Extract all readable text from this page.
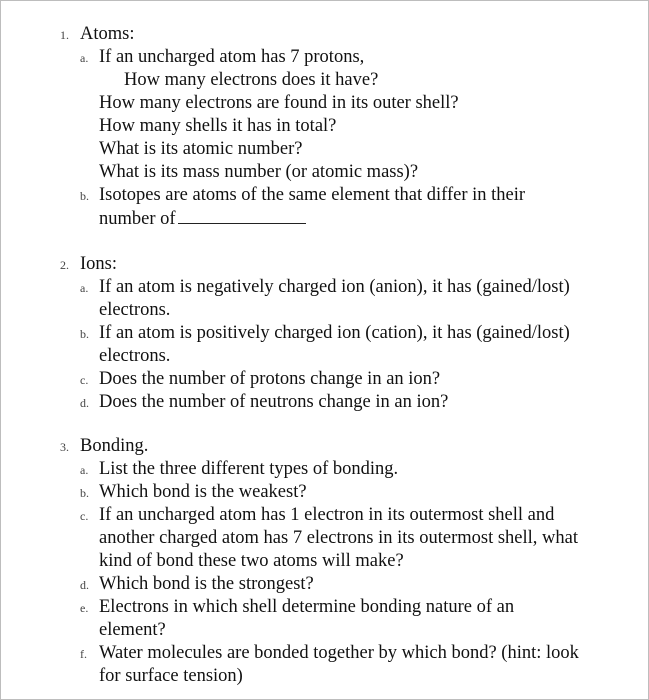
1. Atoms:
a. If an uncharged atom has 7 protons,
How many electrons does it have?
How many electrons are found in its outer shell?
How many shells it has in total?
What is its atomic number?
What is its mass number (or atomic mass)?
b. Isotopes are atoms of the same element that differ in their
number of
2. Ions:
a. If an atom is negatively charged ion (anion), it has (gained/lost)
electrons.
b. If an atom is positively charged ion (cation), it has (gained/lost)
electrons.
c. Does the number of protons change in an ion?
d. Does the number of neutrons change in an ion?
3. Bonding.
a. List the three different types of bonding.
b. Which bond is the weakest?
c. If an uncharged atom has 1 electron in its outermost shell and
another charged atom has 7 electrons in its outermost shell, what
kind of bond these two atoms will make?
d. Which bond is the strongest?
e. Electrons in which shell determine bonding nature of an
element?
f. Water molecules are bonded together by which bond? (hint: look
for surface tension)
